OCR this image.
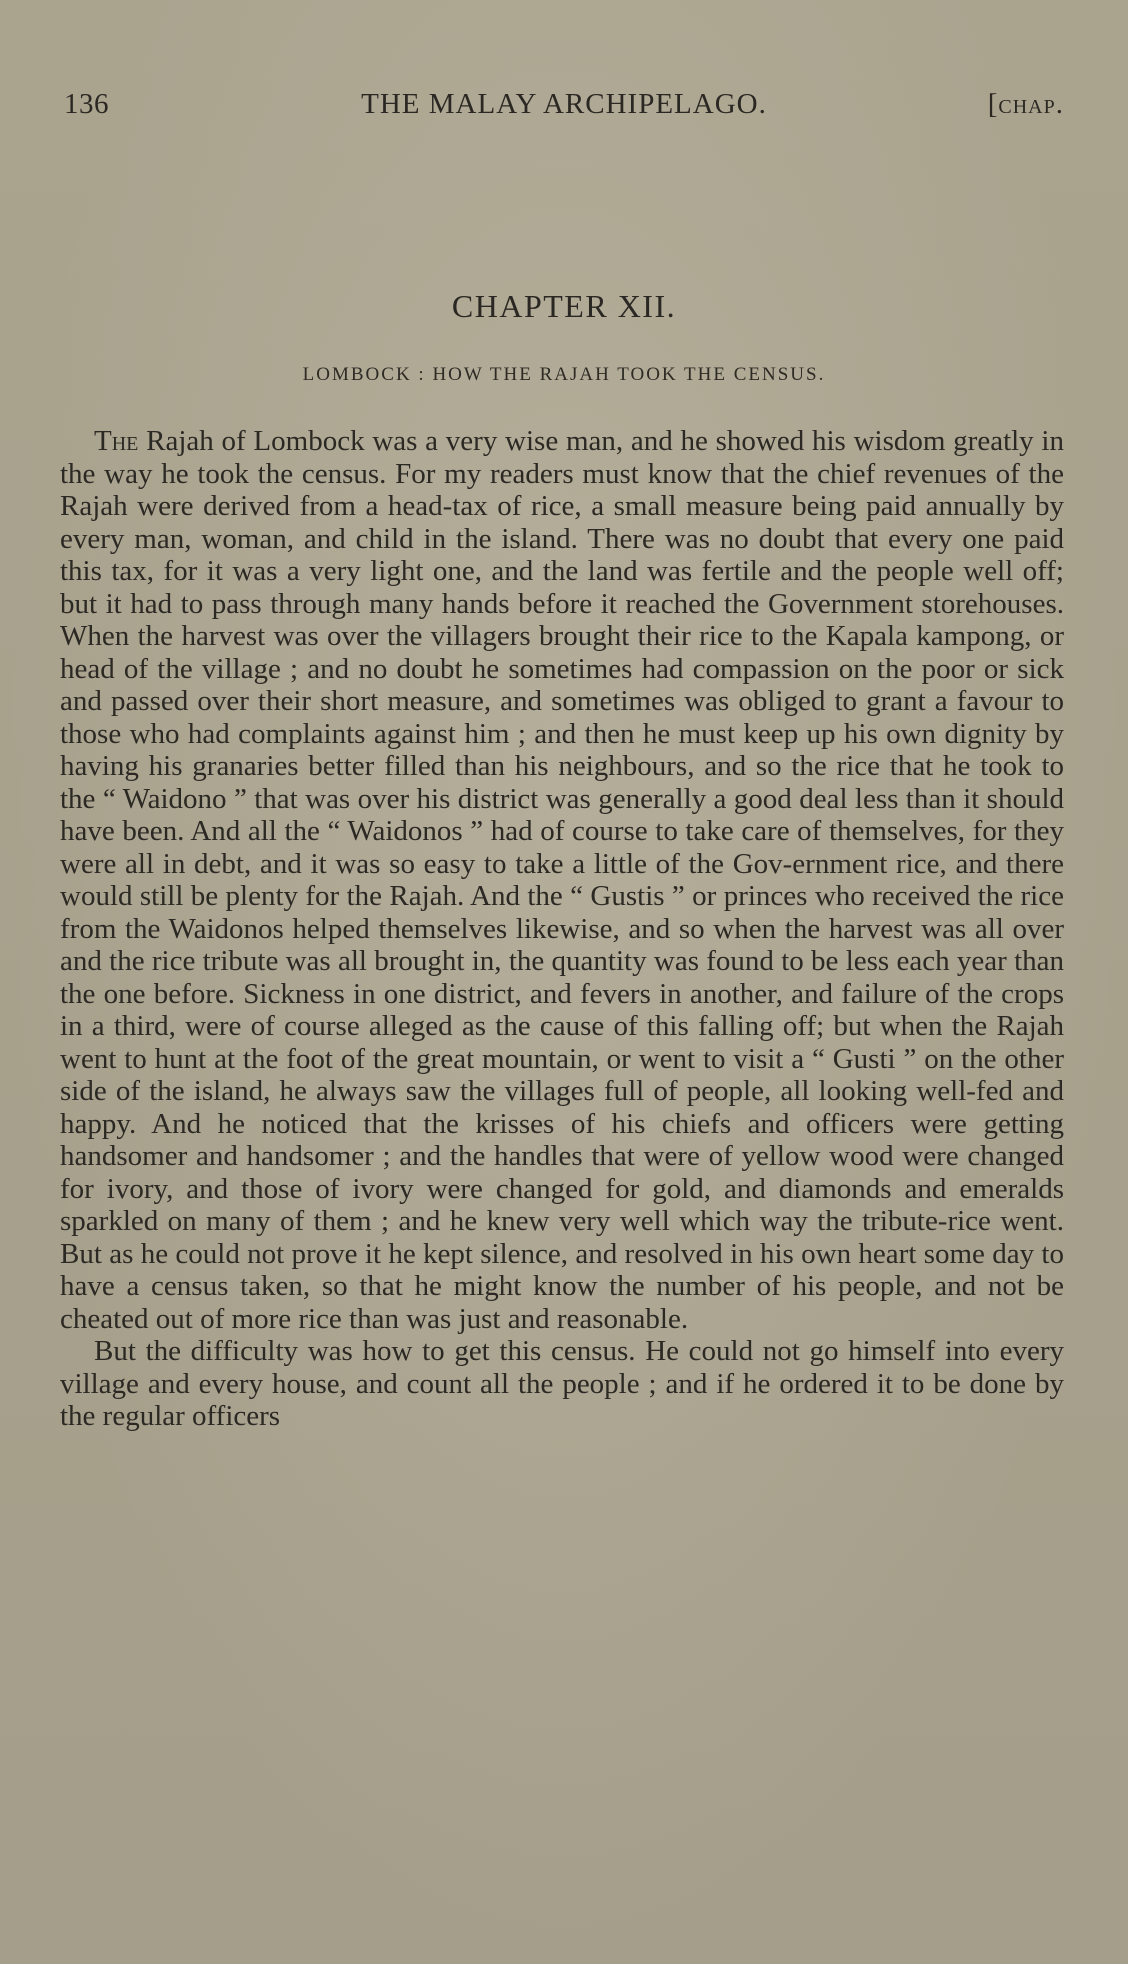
136	THE MALAY ARCHIPELAGO.	[chap.
CHAPTER XII.
LOMBOCK : HOW THE RAJAH TOOK THE CENSUS.

The Rajah of Lombock was a very wise man, and he showed his wisdom greatly in the way he took the census. For my readers must know that the chief revenues of the Rajah were derived from a head-tax of rice, a small measure being paid annually by every man, woman, and child in the island. There was no doubt that every one paid this tax, for it was a very light one, and the land was fertile and the people well off; but it had to pass through many hands before it reached the Government storehouses. When the harvest was over the villagers brought their rice to the Kapala kampong, or head of the village ; and no doubt he sometimes had compassion on the poor or sick and passed over their short measure, and sometimes was obliged to grant a favour to those who had complaints against him ; and then he must keep up his own dignity by having his granaries better filled than his neighbours, and so the rice that he took to the “ Waidono ” that was over his district was generally a good deal less than it should have been. And all the “ Waidonos ” had of course to take care of themselves, for they were all in debt, and it was so easy to take a little of the Gov-ernment rice, and there would still be plenty for the Rajah. And the “ Gustis ” or princes who received the rice from the Waidonos helped themselves likewise, and so when the harvest was all over and the rice tribute was all brought in, the quantity was found to be less each year than the one before. Sickness in one district, and fevers in another, and failure of the crops in a third, were of course alleged as the cause of this falling off; but when the Rajah went to hunt at the foot of the great mountain, or went to visit a “ Gusti ” on the other side of the island, he always saw the villages full of people, all looking well-fed and happy. And he noticed that the krisses of his chiefs and officers were getting handsomer and handsomer ; and the handles that were of yellow wood were changed for ivory, and those of ivory were changed for gold, and diamonds and emeralds sparkled on many of them ; and he knew very well which way the tribute-rice went. But as he could not prove it he kept silence, and resolved in his own heart some day to have a census taken, so that he might know the number of his people, and not be cheated out of more rice than was just and reasonable.

But the difficulty was how to get this census. He could not go himself into every village and every house, and count all the people ; and if he ordered it to be done by the regular officers
